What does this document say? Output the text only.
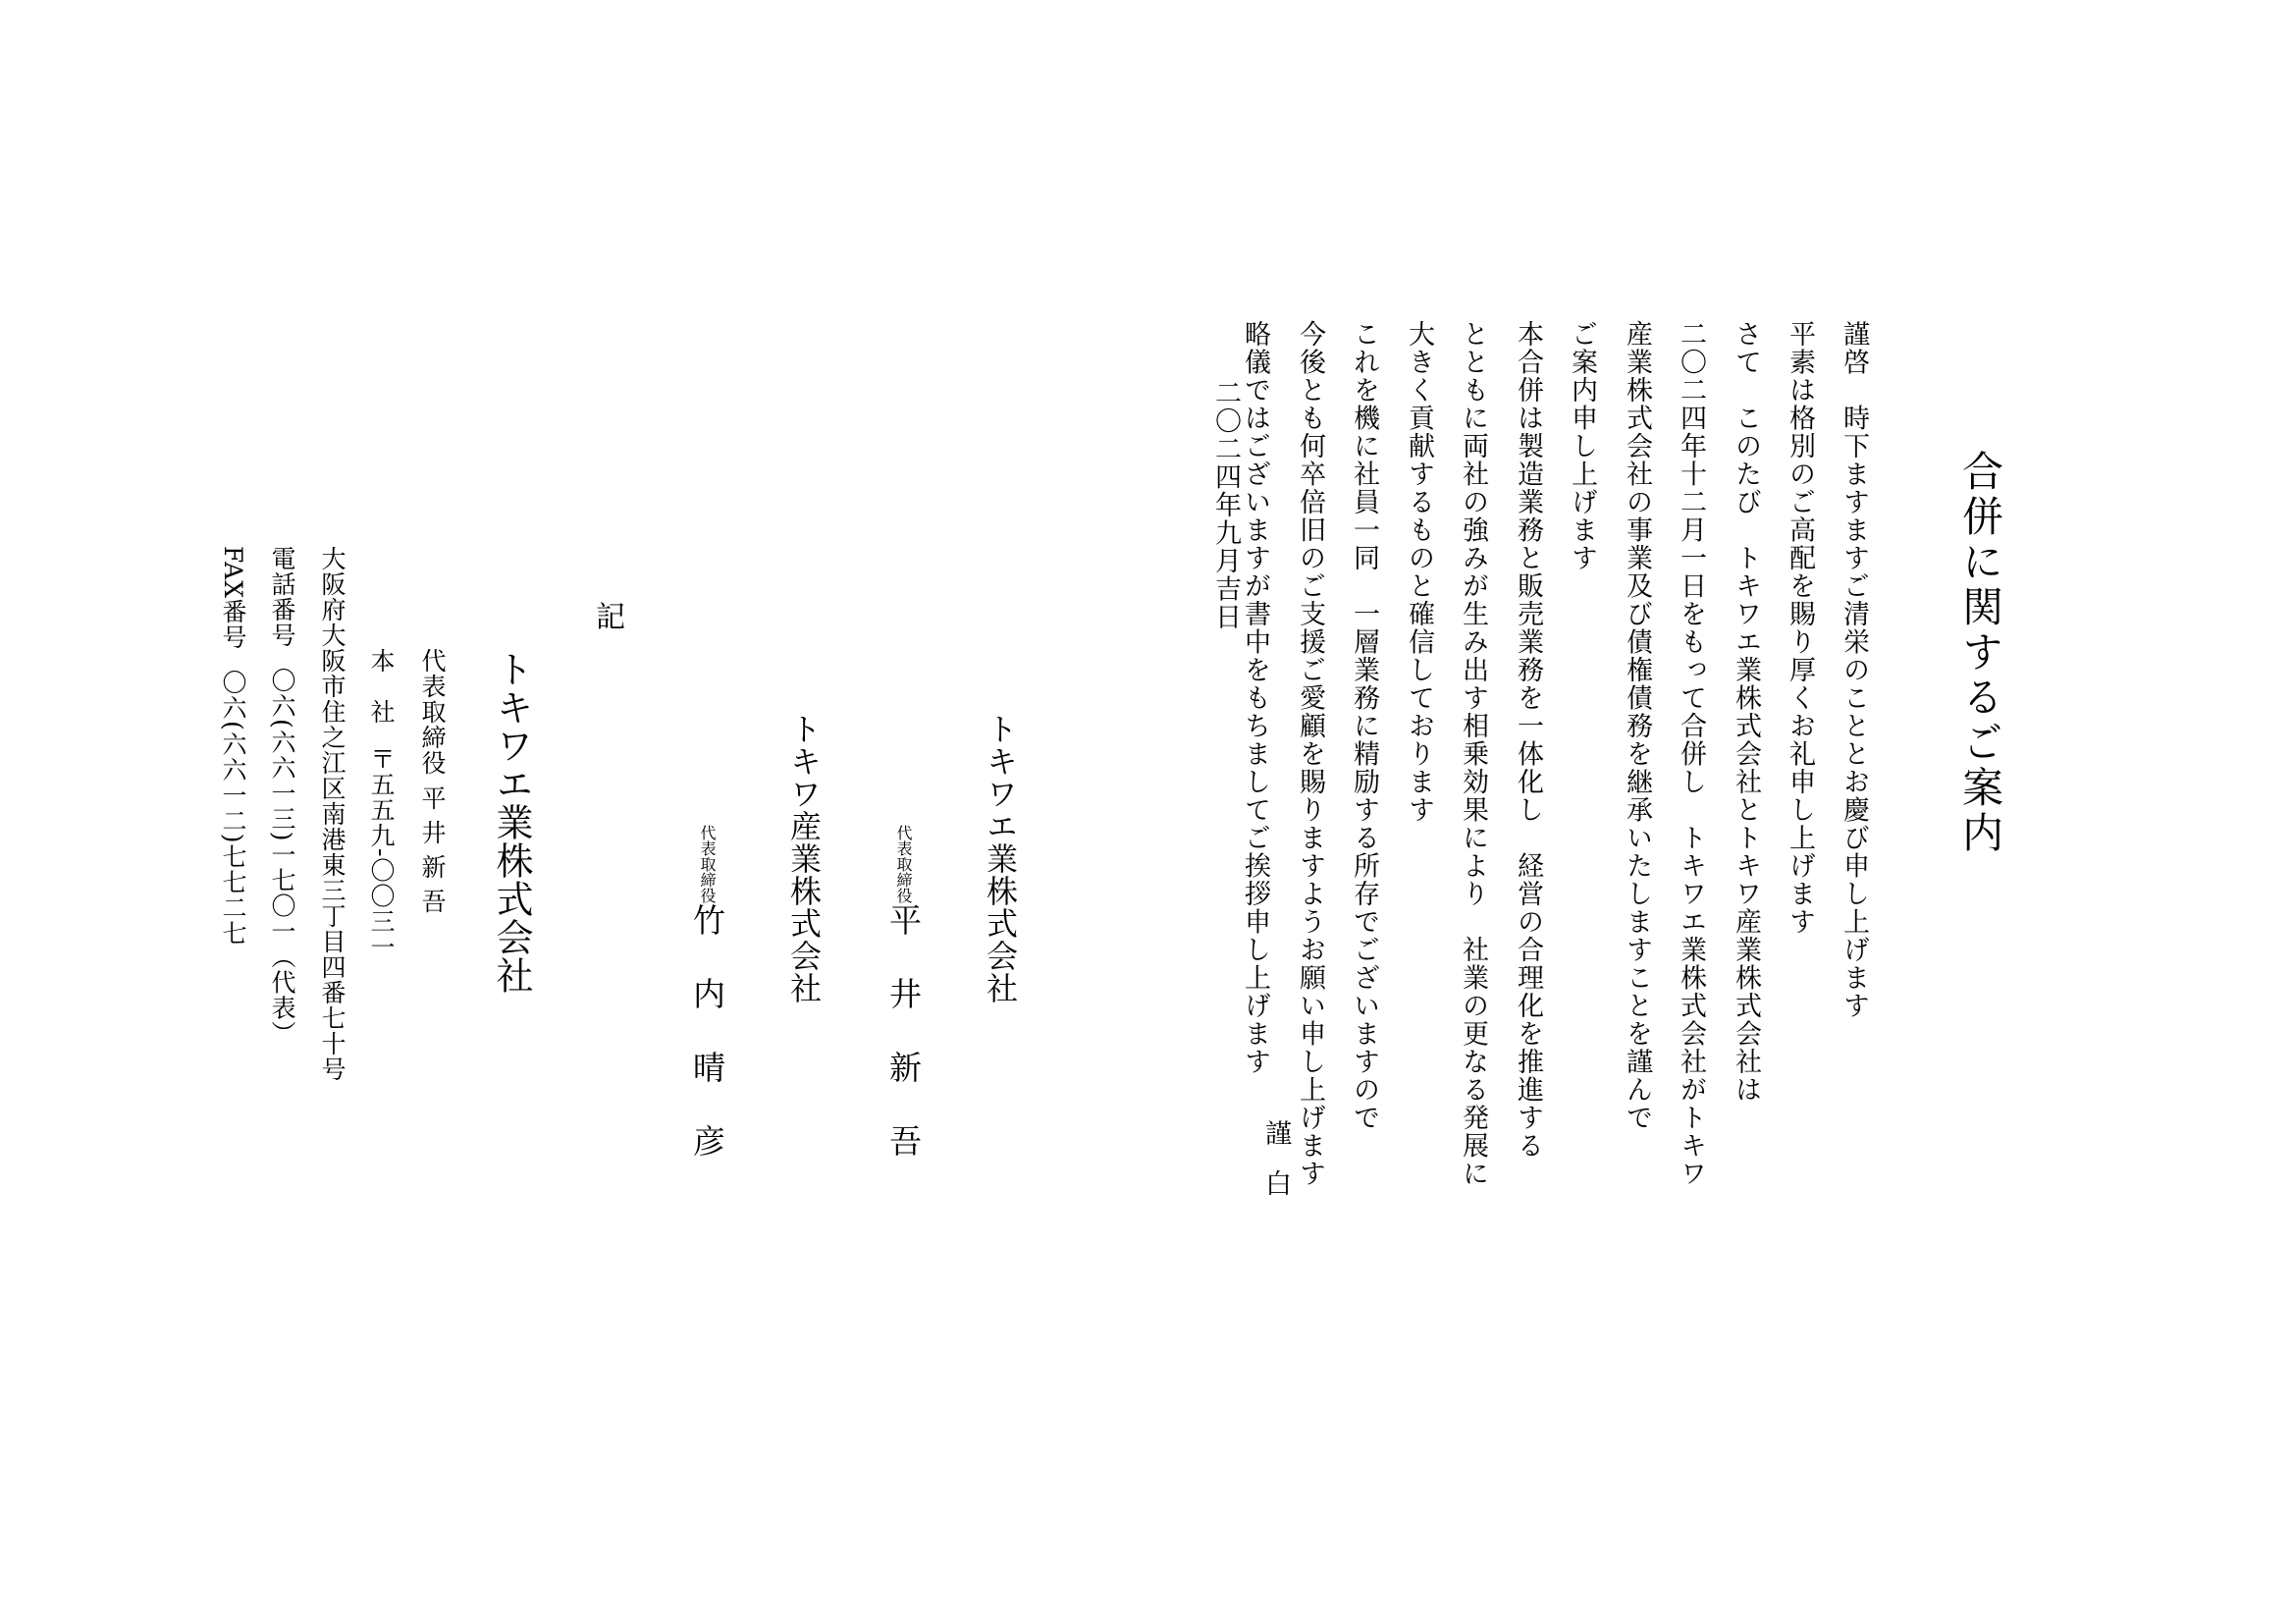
合併に関するご案内
謹啓　時下ますますご清栄のこととお慶び申し上げます
平素は格別のご高配を賜り厚くお礼申し上げます
さて　このたび　トキワエ業株式会社とトキワ産業株式会社は
二〇二四年十二月一日をもって合併し　トキワエ業株式会社がトキワ
産業株式会社の事業及び債権債務を継承いたしますことを謹んで
ご案内申し上げます
本合併は製造業務と販売業務を一体化し　経営の合理化を推進する
とともに両社の強みが生み出す相乗効果により　社業の更なる発展に
大きく貢献するものと確信しております
これを機に社員一同　一層業務に精励する所存でございますので
今後とも何卒倍旧のご支援ご愛顧を賜りますようお願い申し上げます
略儀ではございますが書中をもちましてご挨拶申し上げます
謹白
二〇二四年九月吉日
トキワエ業株式会社
代表取締役平井新吾
トキワ産業株式会社
代表取締役竹内晴彦
記
トキワエ業株式会社
代表取締役平 井 新 吾
本　社〒五五九-〇〇三一
大阪府大阪市住之江区南港東三丁目四番七十号
電話番号〇六(六六一三)一七〇一（代表）
FAX番号〇六(六六一二)七七二七
